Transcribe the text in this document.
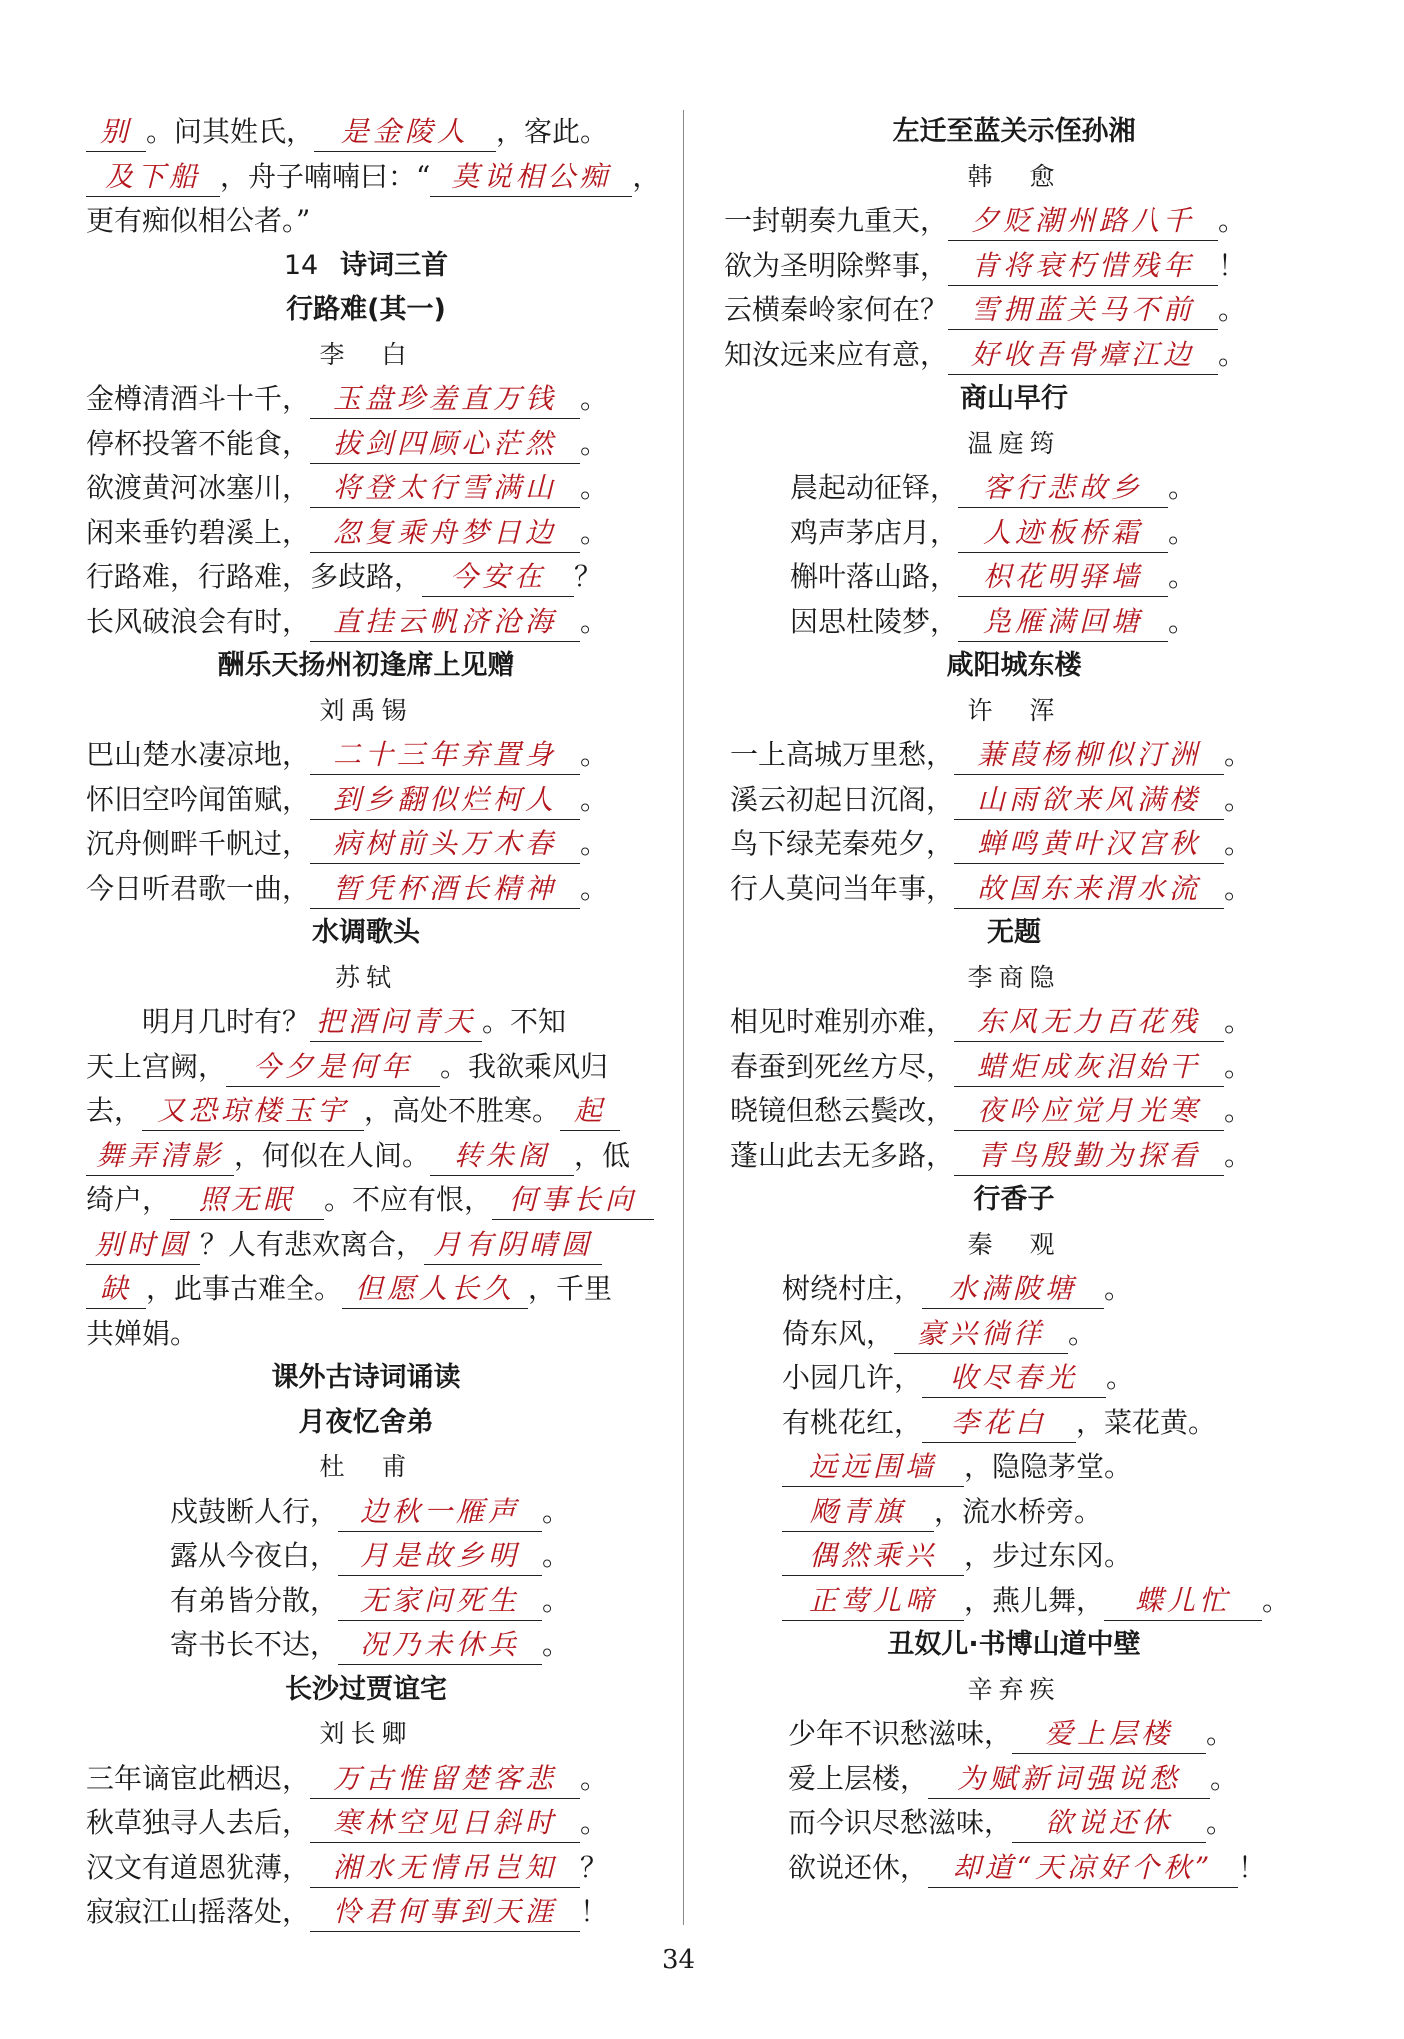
别 。问其姓氏， 是金陵人 ，客此。
及下船 ，舟子喃喃曰：“ 莫说相公痴 ，
更有痴似相公者。”
14 诗词三首
行路难(其一)
李　白
金樽清酒斗十千， 玉盘珍羞直万钱 。
停杯投箸不能食， 拔剑四顾心茫然 。
欲渡黄河冰塞川， 将登太行雪满山 。
闲来垂钓碧溪上， 忽复乘舟梦日边 。
行路难，行路难，多歧路， 今安在 ？
长风破浪会有时， 直挂云帆济沧海 。
酬乐天扬州初逢席上见赠
刘禹锡
巴山楚水凄凉地， 二十三年弃置身 。
怀旧空吟闻笛赋， 到乡翻似烂柯人 。
沉舟侧畔千帆过， 病树前头万木春 。
今日听君歌一曲， 暂凭杯酒长精神 。
水调歌头
苏轼
明月几时有？ 把酒问青天 。不知
天上宫阙， 今夕是何年 。我欲乘风归
去， 又恐琼楼玉宇 ，高处不胜寒。 起
舞弄清影 ，何似在人间。 转朱阁 ，低
绮户， 照无眠 。不应有恨， 何事长向
别时圆 ？人有悲欢离合， 月有阴晴圆
缺 ，此事古难全。 但愿人长久 ，千里
共婵娟。
课外古诗词诵读
月夜忆舍弟
杜　甫
戍鼓断人行， 边秋一雁声 。
露从今夜白， 月是故乡明 。
有弟皆分散， 无家问死生 。
寄书长不达， 况乃未休兵 。
长沙过贾谊宅
刘长卿
三年谪宦此栖迟， 万古惟留楚客悲 。
秋草独寻人去后， 寒林空见日斜时 。
汉文有道恩犹薄， 湘水无情吊岂知 ？
寂寂江山摇落处， 怜君何事到天涯 ！
左迁至蓝关示侄孙湘
韩　愈
一封朝奏九重天， 夕贬潮州路八千 。
欲为圣明除弊事， 肯将衰朽惜残年 ！
云横秦岭家何在？ 雪拥蓝关马不前 。
知汝远来应有意， 好收吾骨瘴江边 。
商山早行
温庭筠
晨起动征铎， 客行悲故乡 。
鸡声茅店月， 人迹板桥霜 。
槲叶落山路， 枳花明驿墙 。
因思杜陵梦， 凫雁满回塘 。
咸阳城东楼
许　浑
一上高城万里愁， 蒹葭杨柳似汀洲 。
溪云初起日沉阁， 山雨欲来风满楼 。
鸟下绿芜秦苑夕， 蝉鸣黄叶汉宫秋 。
行人莫问当年事， 故国东来渭水流 。
无题
李商隐
相见时难别亦难， 东风无力百花残 。
春蚕到死丝方尽， 蜡炬成灰泪始干 。
晓镜但愁云鬓改， 夜吟应觉月光寒 。
蓬山此去无多路， 青鸟殷勤为探看 。
行香子
秦　观
树绕村庄， 水满陂塘 。
倚东风， 豪兴徜徉 。
小园几许， 收尽春光 。
有桃花红， 李花白 ，菜花黄。
远远围墙 ，隐隐茅堂。
飏青旗 ，流水桥旁。
偶然乘兴 ，步过东冈。
正莺儿啼 ，燕儿舞， 蝶儿忙 。
丑奴儿·书博山道中壁
辛弃疾
少年不识愁滋味， 爱上层楼 。
爱上层楼， 为赋新词强说愁 。
而今识尽愁滋味， 欲说还休 。
欲说还休， 却道“天凉好个秋” ！
34
